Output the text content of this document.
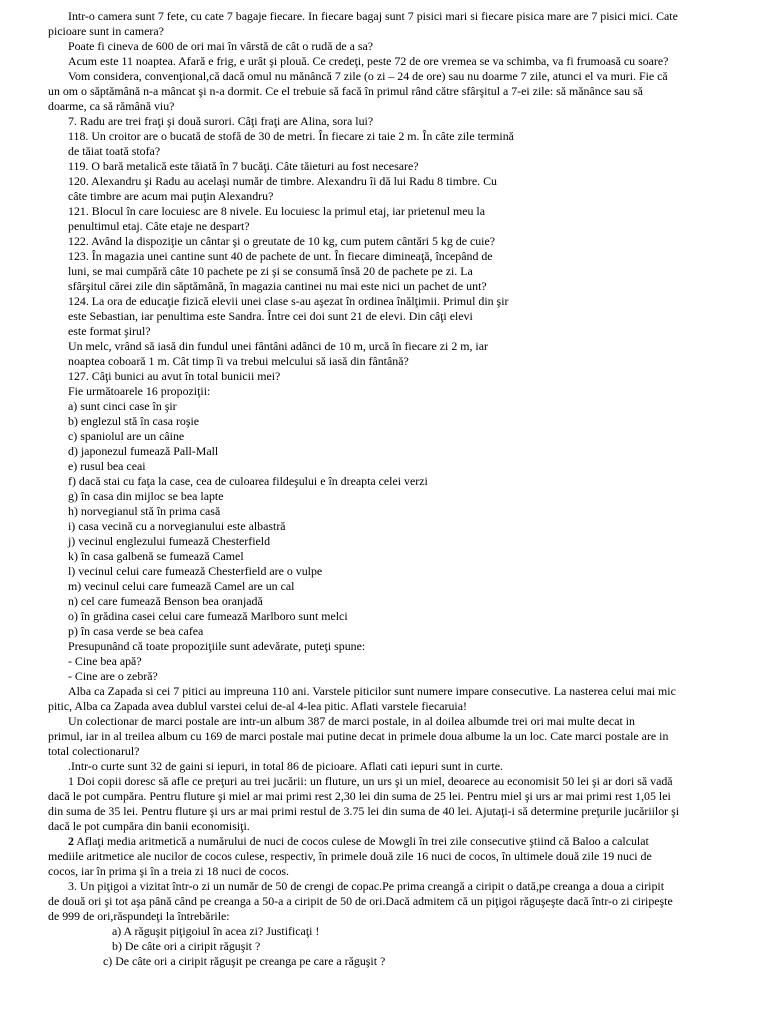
Intr-o camera sunt 7 fete, cu cate 7 bagaje fiecare. In fiecare bagaj sunt 7 pisici mari si fiecare pisica mare are 7 pisici mici. Cate
picioare sunt in camera?
Poate fi cineva de 600 de ori mai în vârstă de cât o rudă de a sa?
Acum este 11 noaptea. Afară e frig, e urât şi plouă. Ce credeţi, peste 72 de ore vremea se va schimba, va fi frumoasă cu soare?
Vom considera, convenţional,că dacă omul nu mănâncă 7 zile (o zi – 24 de ore) sau nu doarme 7 zile, atunci el va muri. Fie că
un om o săptămână n-a mâncat şi n-a dormit. Ce el trebuie să facă în primul rând către sfârşitul a 7-ei zile: să mănânce sau să
doarme, ca să rămână viu?
7. Radu are trei fraţi şi două surori. Câţi fraţi are Alina, sora lui?
118. Un croitor are o bucată de stofă de 30 de metri. În fiecare zi taie 2 m. În câte zile termină
de tăiat toată stofa?
119. O bară metalică este tăiată în 7 bucăţi. Câte tăieturi au fost necesare?
120. Alexandru şi Radu au acelaşi număr de timbre. Alexandru îi dă lui Radu 8 timbre. Cu
câte timbre are acum mai puţin Alexandru?
121. Blocul în care locuiesc are 8 nivele. Eu locuiesc la primul etaj, iar prietenul meu la
penultimul etaj. Câte etaje ne despart?
122. Având la dispoziţie un cântar şi o greutate de 10 kg, cum putem cântări 5 kg de cuie?
123. În magazia unei cantine sunt 40 de pachete de unt. În fiecare dimineaţă, începând de
luni, se mai cumpără câte 10 pachete pe zi şi se consumă însă 20 de pachete pe zi. La
sfârşitul cărei zile din săptămână, în magazia cantinei nu mai este nici un pachet de unt?
124. La ora de educaţie fizică elevii unei clase s-au aşezat în ordinea înălţimii. Primul din şir
este Sebastian, iar penultima este Sandra. Între cei doi sunt 21 de elevi. Din câţi elevi
este format şirul?
Un melc, vrând să iasă din fundul unei fântâni adânci de 10 m, urcă în fiecare zi 2 m, iar
noaptea coboară 1 m. Cât timp îi va trebui melcului să iasă din fântână?
127. Câţi bunici au avut în total bunicii mei?
Fie următoarele 16 propoziţii:
a) sunt cinci case în şir
b) englezul stă în casa roşie
c) spaniolul are un câine
d) japonezul fumează Pall-Mall
e) rusul bea ceai
f) dacă stai cu faţa la case, cea de culoarea fildeşului e în dreapta celei verzi
g) în casa din mijloc se bea lapte
h) norvegianul stă în prima casă
i) casa vecină cu a norvegianului este albastră
j) vecinul englezului fumează Chesterfield
k) în casa galbenă se fumează Camel
l) vecinul celui care fumează Chesterfield are o vulpe
m) vecinul celui care fumează Camel are un cal
n) cel care fumează Benson bea oranjadă
o) în grădina casei celui care fumează Marlboro sunt melci
p) în casa verde se bea cafea
Presupunând că toate propoziţiile sunt adevărate, puteţi spune:
- Cine bea apă?
- Cine are o zebră?
Alba ca Zapada si cei 7 pitici au impreuna 110 ani. Varstele piticilor sunt numere impare consecutive. La nasterea celui mai mic
pitic, Alba ca Zapada avea dublul varstei celui de-al 4-lea pitic. Aflati varstele fiecaruia!
Un colectionar de marci postale are intr-un album 387 de marci postale, in al doilea albumde trei ori mai multe decat in
primul, iar in al treilea album cu 169 de marci postale mai putine decat in primele doua albume la un loc. Cate marci postale are in
total colectionarul?
.Intr-o curte sunt 32 de gaini si iepuri, in total 86 de picioare. Aflati cati iepuri sunt in curte.
1 Doi copii doresc să afle ce preţuri au trei jucării: un fluture, un urs şi un miel, deoarece au economisit 50 lei şi ar dori să vadă
dacă le pot cumpăra. Pentru fluture şi miel ar mai primi rest 2,30 lei din suma de 25 lei. Pentru miel şi urs ar mai primi rest 1,05 lei
din suma de 35 lei. Pentru fluture şi urs ar mai primi restul de 3.75 lei din suma de 40 lei. Ajutaţi-i să determine preţurile jucăriilor şi
dacă le pot cumpăra din banii economisiţi.
2 Aflaţi media aritmetică a numărului de nuci de cocos culese de Mowgli în trei zile consecutive ştiind că Baloo a calculat
mediile aritmetice ale nucilor de cocos culese, respectiv, în primele două zile 16 nuci de cocos, în ultimele două zile 19 nuci de
cocos, iar în prima şi în a treia zi 18 nuci de cocos.
3. Un piţigoi a vizitat într-o zi un număr de 50 de crengi de copac.Pe prima creangă a ciripit o dată,pe creanga a doua a ciripit
de două ori şi tot aşa până când pe creanga a 50-a a ciripit de 50 de ori.Dacă admitem că un piţigoi răguşeşte dacă într-o zi ciripeşte
de 999 de ori,răspundeţi la întrebările:
a) A răguşit piţigoiul în acea zi? Justificaţi !
b) De câte ori a ciripit răguşit ?
c) De câte ori a ciripit răguşit pe creanga pe care a răguşit ?
